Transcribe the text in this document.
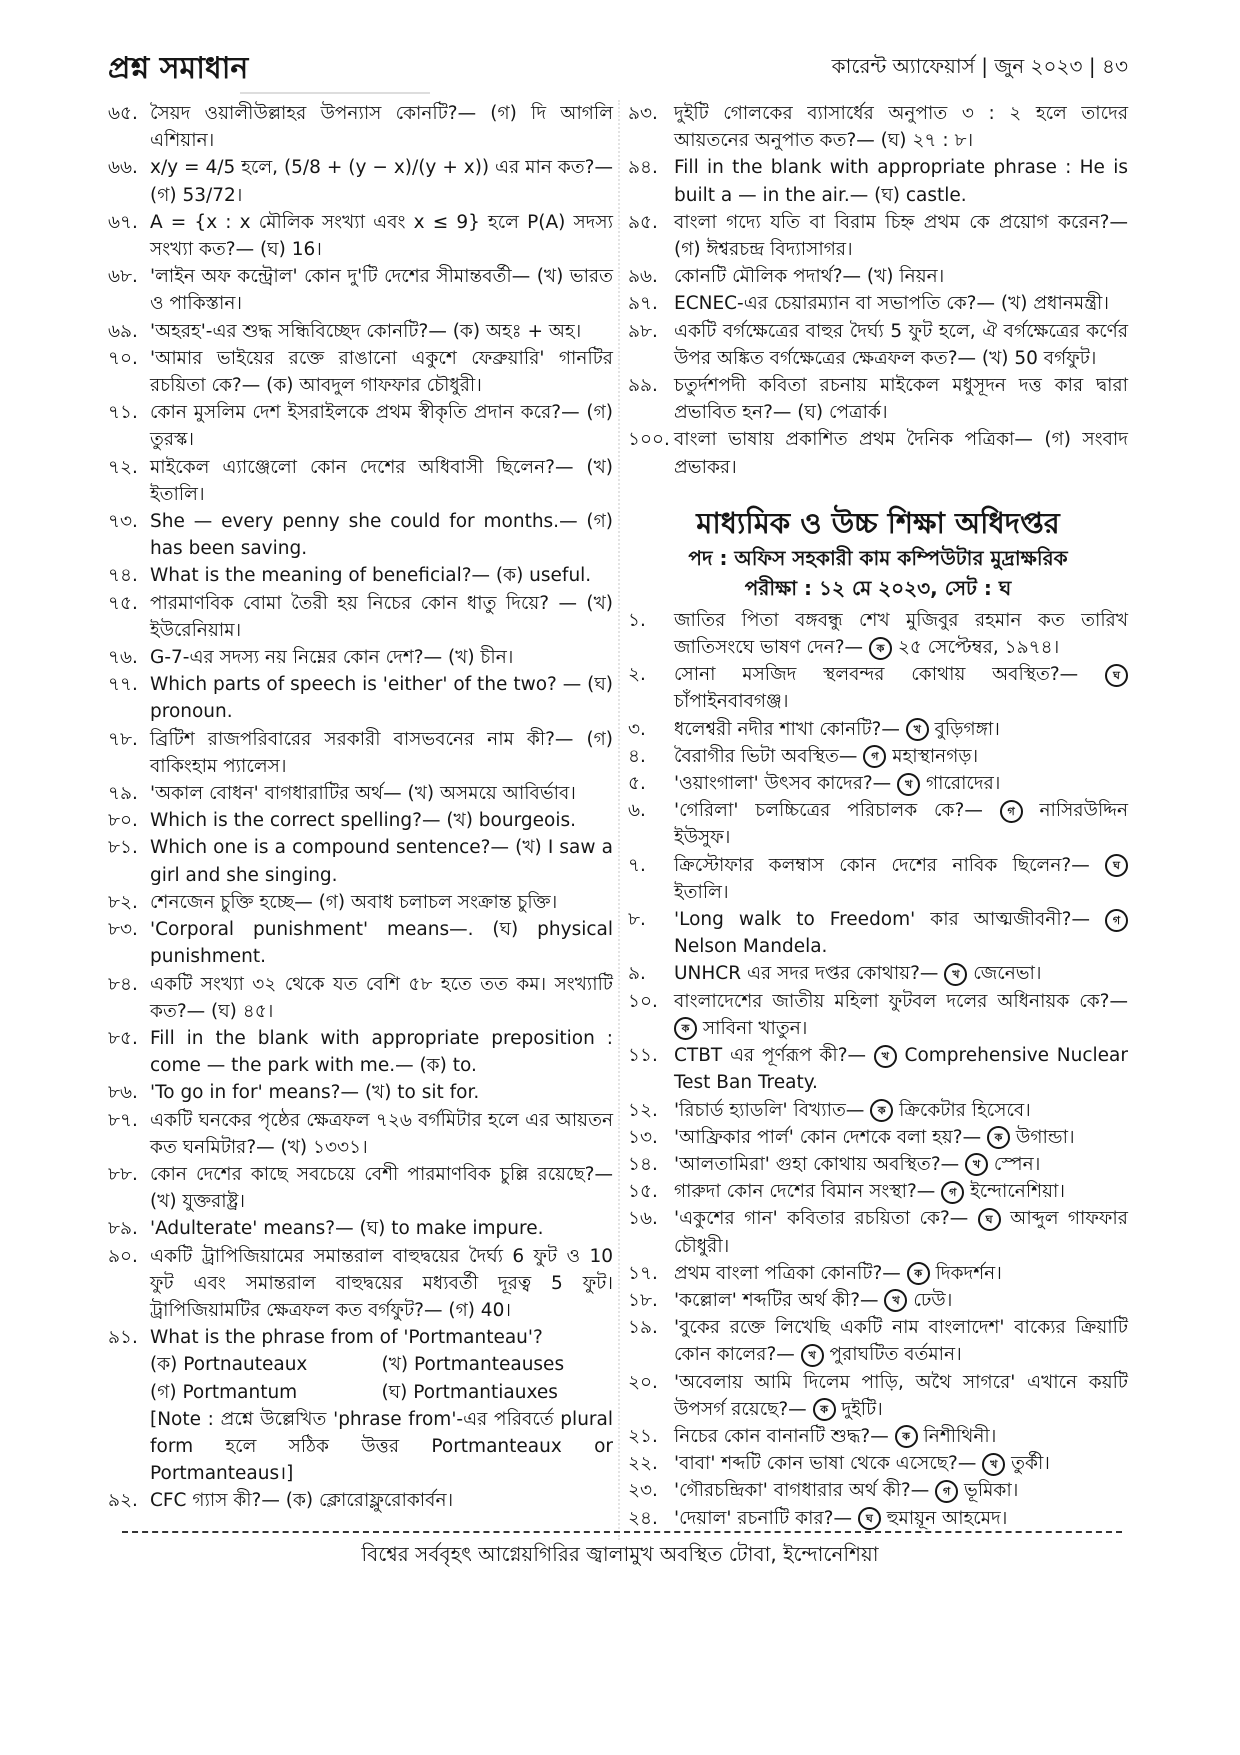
প্রশ্ন সমাধান	কারেন্ট অ্যাফেয়ার্স | জুন ২০২৩ | ৪৩
৬৫. সৈয়দ ওয়ালীউল্লাহর উপন্যাস কোনটি?— (গ) দি আগলি এশিয়ান।
৬৬. x/y = 4/5 হলে, (5/8 + (y − x)/(y + x)) এর মান কত?— (গ) 53/72।
৬৭. A = {x : x মৌলিক সংখ্যা এবং x ≤ 9} হলে P(A) সদস্য সংখ্যা কত?— (ঘ) 16।
৬৮. 'লাইন অফ কন্ট্রোল' কোন দু'টি দেশের সীমান্তবর্তী— (খ) ভারত ও পাকিস্তান।
৬৯. 'অহরহ'-এর শুদ্ধ সন্ধিবিচ্ছেদ কোনটি?— (ক) অহঃ + অহ।
৭০. 'আমার ভাইয়ের রক্তে রাঙানো একুশে ফেব্রুয়ারি' গানটির রচয়িতা কে?— (ক) আবদুল গাফফার চৌধুরী।
৭১. কোন মুসলিম দেশ ইসরাইলকে প্রথম স্বীকৃতি প্রদান করে?— (গ) তুরস্ক।
৭২. মাইকেল এ্যাঞ্জেলো কোন দেশের অধিবাসী ছিলেন?— (খ) ইতালি।
৭৩. She — every penny she could for months.— (গ) has been saving.
৭৪. What is the meaning of beneficial?— (ক) useful.
৭৫. পারমাণবিক বোমা তৈরী হয় নিচের কোন ধাতু দিয়ে? — (খ) ইউরেনিয়াম।
৭৬. G-7-এর সদস্য নয় নিম্নের কোন দেশ?— (খ) চীন।
৭৭. Which parts of speech is 'either' of the two? — (ঘ) pronoun.
৭৮. ব্রিটিশ রাজপরিবারের সরকারী বাসভবনের নাম কী?— (গ) বাকিংহাম প্যালেস।
৭৯. 'অকাল বোধন' বাগধারাটির অর্থ— (খ) অসময়ে আবির্ভাব।
৮০. Which is the correct spelling?— (খ) bourgeois.
৮১. Which one is a compound sentence?— (খ) I saw a girl and she singing.
৮২. শেনজেন চুক্তি হচ্ছে— (গ) অবাধ চলাচল সংক্রান্ত চুক্তি।
৮৩. 'Corporal punishment' means—. (ঘ) physical punishment.
৮৪. একটি সংখ্যা ৩২ থেকে যত বেশি ৫৮ হতে তত কম। সংখ্যাটি কত?— (ঘ) ৪৫।
৮৫. Fill in the blank with appropriate preposition : come — the park with me.— (ক) to.
৮৬. 'To go in for' means?— (খ) to sit for.
৮৭. একটি ঘনকের পৃষ্ঠের ক্ষেত্রফল ৭২৬ বর্গমিটার হলে এর আয়তন কত ঘনমিটার?— (খ) ১৩৩১।
৮৮. কোন দেশের কাছে সবচেয়ে বেশী পারমাণবিক চুল্লি রয়েছে?— (খ) যুক্তরাষ্ট্র।
৮৯. 'Adulterate' means?— (ঘ) to make impure.
৯০. একটি ট্রাপিজিয়ামের সমান্তরাল বাহুদ্বয়ের দৈর্ঘ্য 6 ফুট ও 10 ফুট এবং সমান্তরাল বাহুদ্বয়ের মধ্যবর্তী দূরত্ব 5 ফুট। ট্রাপিজিয়ামটির ক্ষেত্রফল কত বর্গফুট?— (গ) 40।
৯১. What is the phrase from of 'Portmanteau'?
(ক) Portnauteaux	(খ) Portmanteauses
(গ) Portmantum	(ঘ) Portmantiauxes
[Note : প্রশ্নে উল্লেখিত 'phrase from'-এর পরিবর্তে plural form হলে সঠিক উত্তর Portmanteaux or Portmanteaus।]
৯২. CFC গ্যাস কী?— (ক) ক্লোরোফ্লুরোকার্বন।
৯৩. দুইটি গোলকের ব্যাসার্ধের অনুপাত ৩ : ২ হলে তাদের আয়তনের অনুপাত কত?— (ঘ) ২৭ : ৮।
৯৪. Fill in the blank with appropriate phrase : He is built a — in the air.— (ঘ) castle.
৯৫. বাংলা গদ্যে যতি বা বিরাম চিহ্ন প্রথম কে প্রয়োগ করেন?— (গ) ঈশ্বরচন্দ্র বিদ্যাসাগর।
৯৬. কোনটি মৌলিক পদার্থ?— (খ) নিয়ন।
৯৭. ECNEC-এর চেয়ারম্যান বা সভাপতি কে?— (খ) প্রধানমন্ত্রী।
৯৮. একটি বর্গক্ষেত্রের বাহুর দৈর্ঘ্য 5 ফুট হলে, ঐ বর্গক্ষেত্রের কর্ণের উপর অঙ্কিত বর্গক্ষেত্রের ক্ষেত্রফল কত?— (খ) 50 বর্গফুট।
৯৯. চতুর্দশপদী কবিতা রচনায় মাইকেল মধুসূদন দত্ত কার দ্বারা প্রভাবিত হন?— (ঘ) পেত্রার্ক।
১০০. বাংলা ভাষায় প্রকাশিত প্রথম দৈনিক পত্রিকা— (গ) সংবাদ প্রভাকর।
মাধ্যমিক ও উচ্চ শিক্ষা অধিদপ্তর
পদ : অফিস সহকারী কাম কম্পিউটার মুদ্রাক্ষরিক
পরীক্ষা : ১২ মে ২০২৩, সেট : ঘ
১.	জাতির পিতা বঙ্গবন্ধু শেখ মুজিবুর রহমান কত তারিখ জাতিসংঘে ভাষণ দেন?— ক ২৫ সেপ্টেম্বর, ১৯৭৪।
২.	সোনা মসজিদ স্থলবন্দর কোথায় অবস্থিত?—	ঘ চাঁপাইনবাবগঞ্জ।
৩.	ধলেশ্বরী নদীর শাখা কোনটি?— খ বুড়িগঙ্গা।
৪.	বৈরাগীর ভিটা অবস্থিত— গ মহাস্থানগড়।
৫.	'ওয়াংগালা' উৎসব কাদের?— খ গারোদের।
৬.	'গেরিলা' চলচ্চিত্রের পরিচালক কে?— গ নাসিরউদ্দিন ইউসুফ।
৭.	ক্রিস্টোফার কলম্বাস কোন দেশের নাবিক ছিলেন?— ঘ ইতালি।
৮.	'Long walk to Freedom' কার আত্মজীবনী?— গ Nelson Mandela.
৯.	UNHCR এর সদর দপ্তর কোথায়?— খ জেনেভা।
১০. বাংলাদেশের জাতীয় মহিলা ফুটবল দলের অধিনায়ক কে?— ক সাবিনা খাতুন।
১১. CTBT এর পূর্ণরূপ কী?— খ Comprehensive Nuclear Test Ban Treaty.
১২. 'রিচার্ড হ্যাডলি' বিখ্যাত— ক ক্রিকেটার হিসেবে।
১৩. 'আফ্রিকার পার্ল' কোন দেশকে বলা হয়?— ক উগান্ডা।
১৪. 'আলতামিরা' গুহা কোথায় অবস্থিত?— খ স্পেন।
১৫. গারুদা কোন দেশের বিমান সংস্থা?— গ ইন্দোনেশিয়া।
১৬. 'একুশের গান' কবিতার রচয়িতা কে?— ঘ আব্দুল গাফফার চৌধুরী।
১৭. প্রথম বাংলা পত্রিকা কোনটি?— ক দিকদর্শন।
১৮. 'কল্লোল' শব্দটির অর্থ কী?— খ ঢেউ।
১৯. 'বুকের রক্তে লিখেছি একটি নাম বাংলাদেশ' বাক্যের ক্রিয়াটি কোন কালের?— খ পুরাঘটিত বর্তমান।
২০. 'অবেলায় আমি দিলেম পাড়ি, অথৈ সাগরে' এখানে কয়টি উপসর্গ রয়েছে?— ক দুইটি।
২১. নিচের কোন বানানটি শুদ্ধ?— ক নিশীথিনী।
২২. 'বাবা' শব্দটি কোন ভাষা থেকে এসেছে?— খ তুর্কী।
২৩. 'গৌরচন্দ্রিকা' বাগধারার অর্থ কী?— গ ভূমিকা।
২৪. 'দেয়াল' রচনাটি কার?— ঘ হুমায়ূন আহমেদ।
বিশ্বের সর্ববৃহৎ আগ্নেয়গিরির জ্বালামুখ অবস্থিত টোবা, ইন্দোনেশিয়া
